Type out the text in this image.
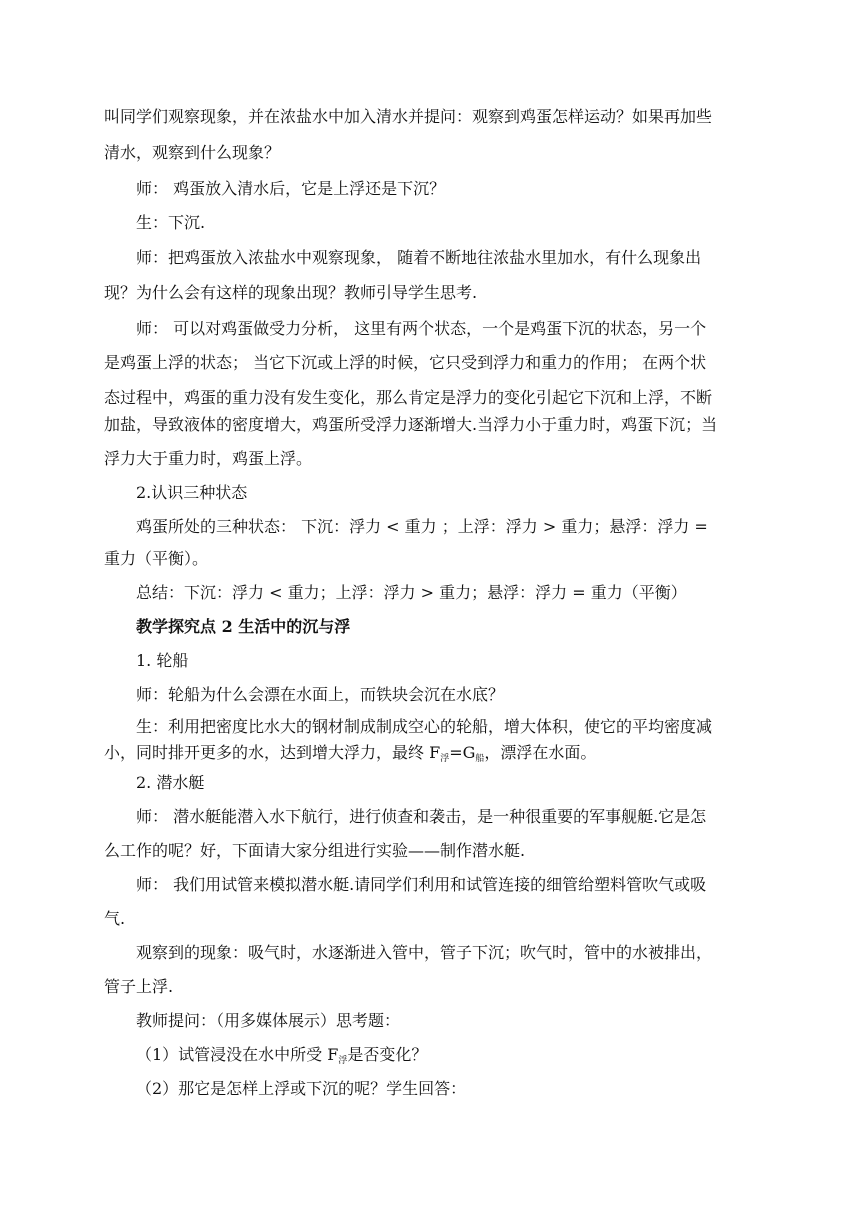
叫同学们观察现象，并在浓盐水中加入清水并提问：观察到鸡蛋怎样运动？如果再加些
清水，观察到什么现象？
师： 鸡蛋放入清水后，它是上浮还是下沉？
生：下沉.
师：把鸡蛋放入浓盐水中观察现象， 随着不断地往浓盐水里加水，有什么现象出
现？为什么会有这样的现象出现？教师引导学生思考.
师： 可以对鸡蛋做受力分析， 这里有两个状态，一个是鸡蛋下沉的状态，另一个
是鸡蛋上浮的状态； 当它下沉或上浮的时候，它只受到浮力和重力的作用； 在两个状
态过程中，鸡蛋的重力没有发生变化，那么肯定是浮力的变化引起它下沉和上浮，不断
加盐，导致液体的密度增大，鸡蛋所受浮力逐渐增大.当浮力小于重力时，鸡蛋下沉；当
浮力大于重力时，鸡蛋上浮。
2.认识三种状态
鸡蛋所处的三种状态： 下沉：浮力 < 重力 ；上浮：浮力 > 重力；悬浮：浮力 =
重力（平衡）。
总结：下沉：浮力 < 重力；上浮：浮力 > 重力；悬浮：浮力 = 重力（平衡）
教学探究点 2 生活中的沉与浮
1. 轮船
师：轮船为什么会漂在水面上，而铁块会沉在水底？
生：利用把密度比水大的钢材制成制成空心的轮船，增大体积，使它的平均密度减
小，同时排开更多的水，达到增大浮力，最终 $F_浮=G_船$，漂浮在水面。
2. 潜水艇
师： 潜水艇能潜入水下航行，进行侦查和袭击，是一种很重要的军事舰艇.它是怎
么工作的呢？好，下面请大家分组进行实验——制作潜水艇.
师： 我们用试管来模拟潜水艇.请同学们利用和试管连接的细管给塑料管吹气或吸
气.
观察到的现象：吸气时，水逐渐进入管中，管子下沉；吹气时，管中的水被排出，
管子上浮.
教师提问：（用多媒体展示）思考题：
（1）试管浸没在水中所受 $F_浮$是否变化？
（2）那它是怎样上浮或下沉的呢？学生回答：
